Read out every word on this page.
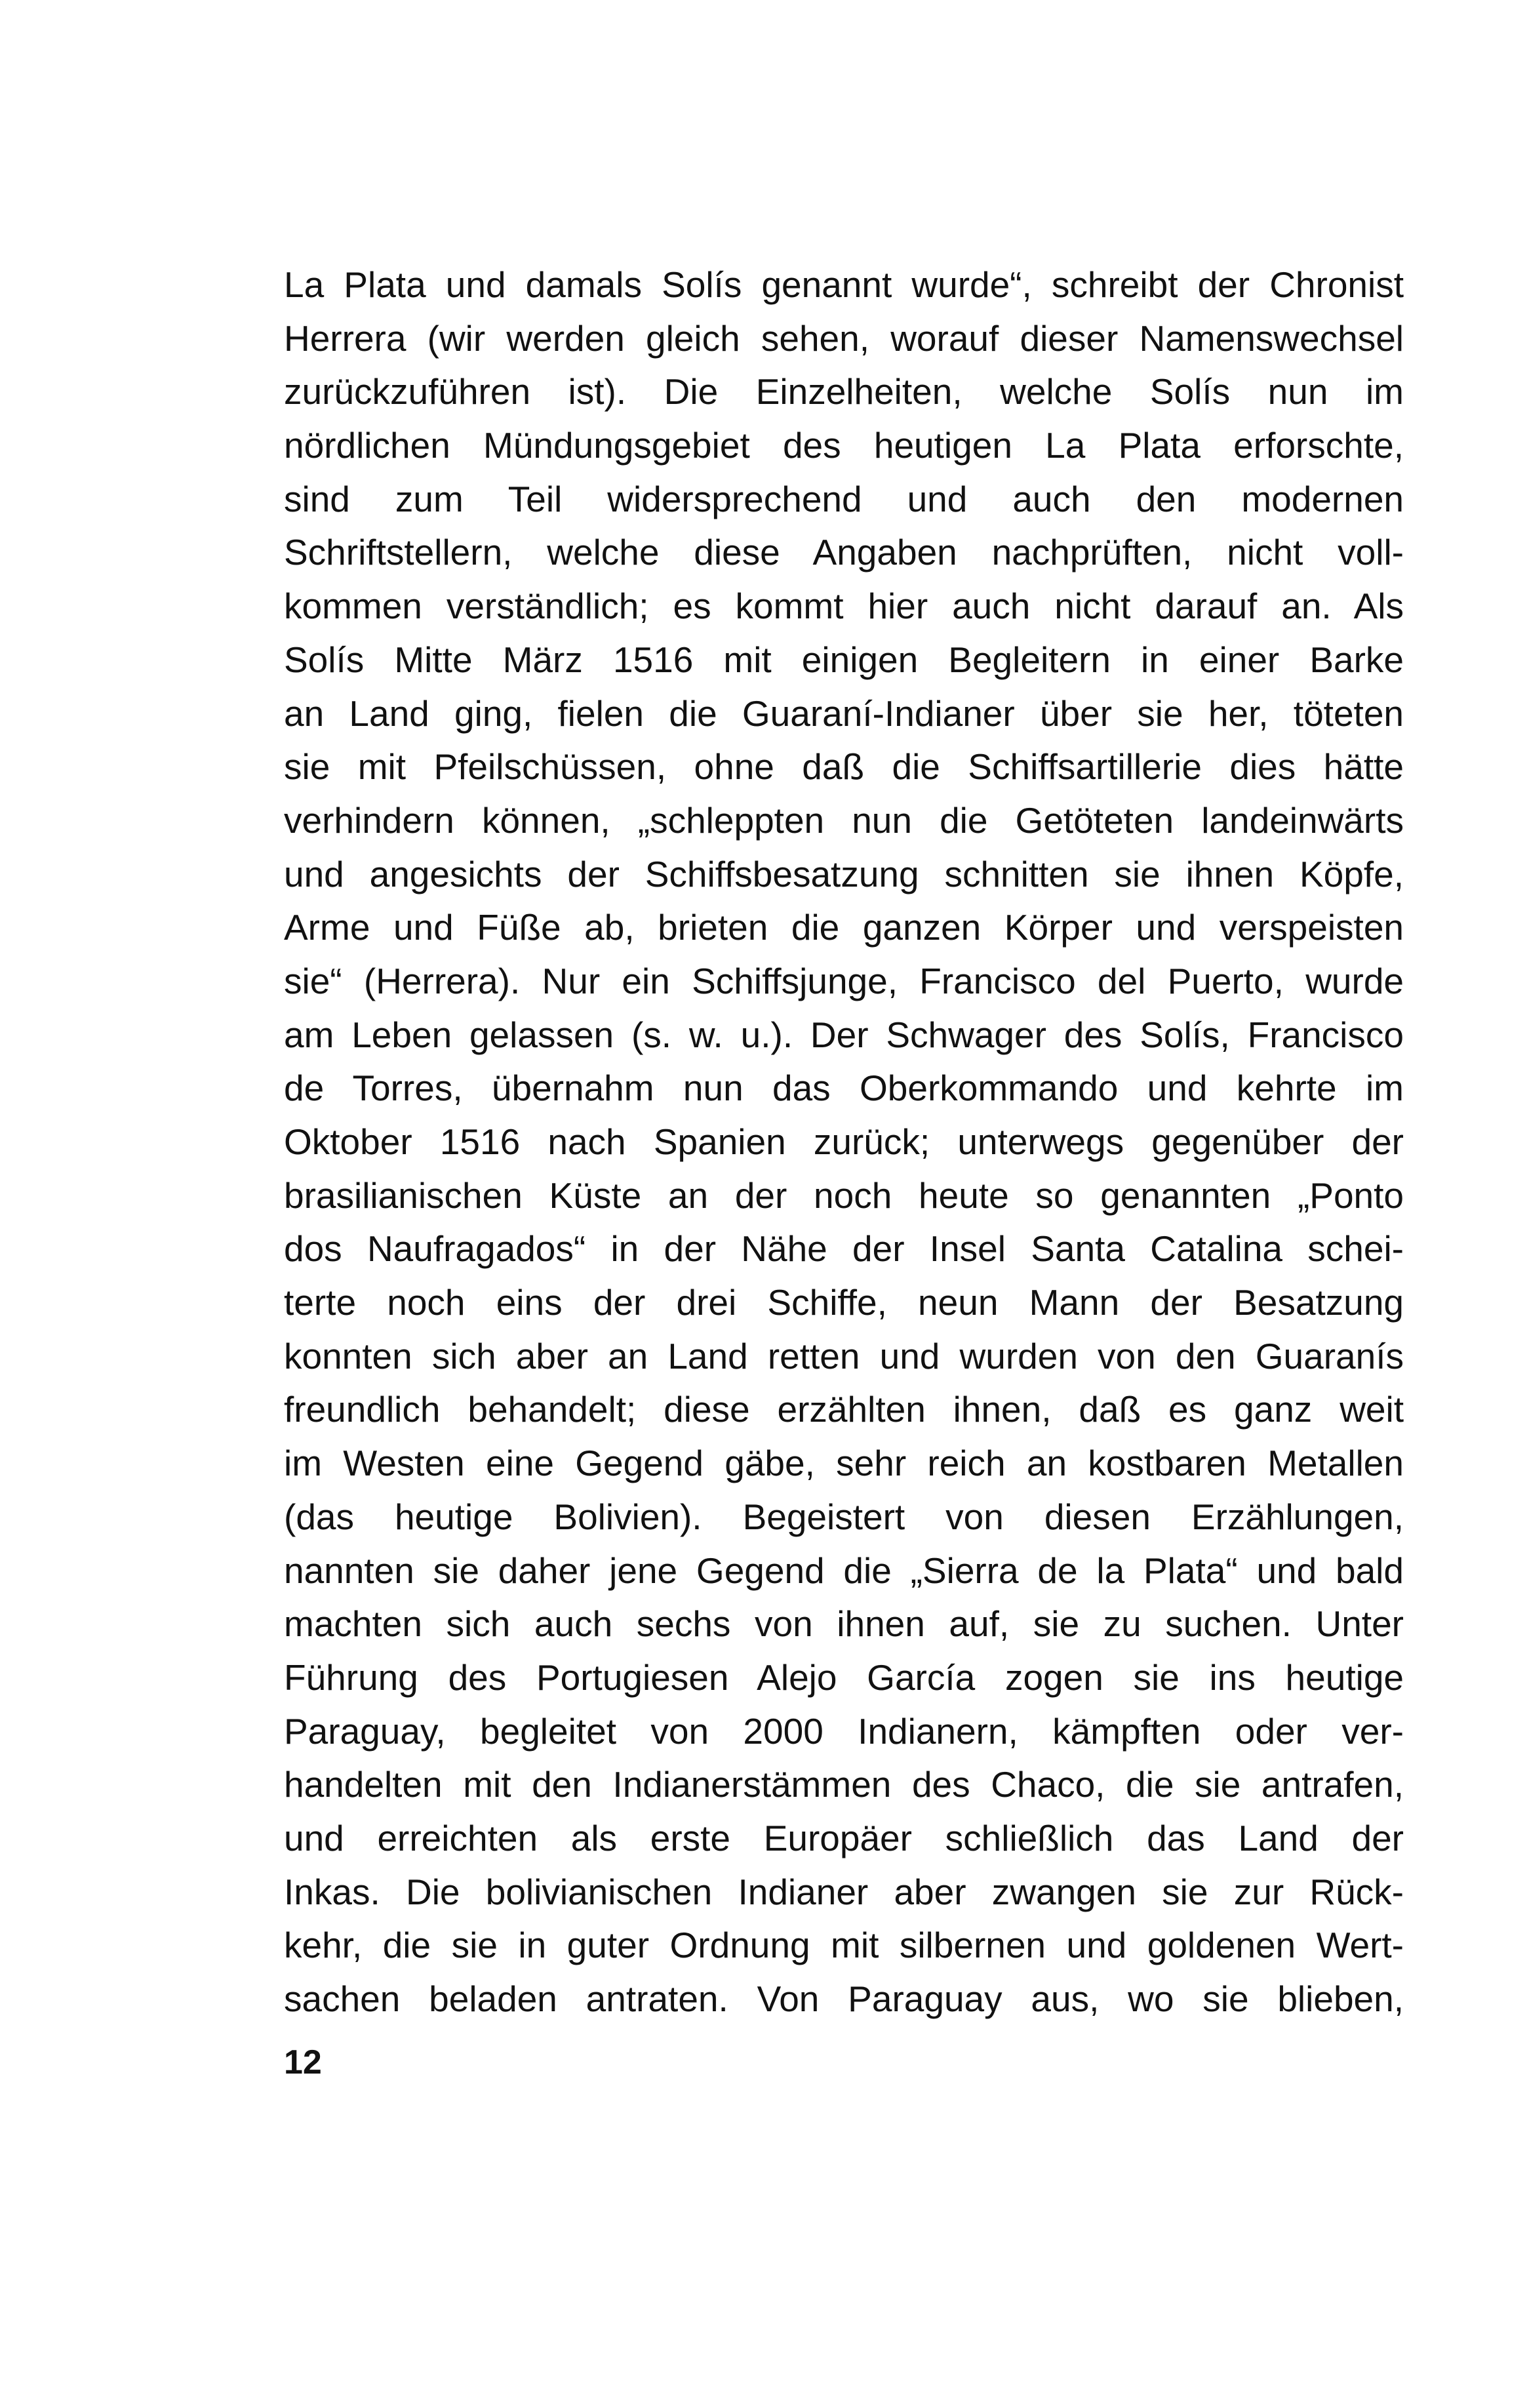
La Plata und damals Solís genannt wurde“, schreibt der Chronist
Herrera (wir werden gleich sehen, worauf dieser Namenswechsel
zurückzuführen ist). Die Einzelheiten, welche Solís nun im
nördlichen Mündungsgebiet des heutigen La Plata erforschte,
sind zum Teil widersprechend und auch den modernen
Schriftstellern, welche diese Angaben nachprüften, nicht voll-
kommen verständlich; es kommt hier auch nicht darauf an. Als
Solís Mitte März 1516 mit einigen Begleitern in einer Barke
an Land ging, fielen die Guaraní-Indianer über sie her, töteten
sie mit Pfeilschüssen, ohne daß die Schiffsartillerie dies hätte
verhindern können, „schleppten nun die Getöteten landeinwärts
und angesichts der Schiffsbesatzung schnitten sie ihnen Köpfe,
Arme und Füße ab, brieten die ganzen Körper und verspeisten
sie“ (Herrera). Nur ein Schiffsjunge, Francisco del Puerto, wurde
am Leben gelassen (s. w. u.). Der Schwager des Solís, Francisco
de Torres, übernahm nun das Oberkommando und kehrte im
Oktober 1516 nach Spanien zurück; unterwegs gegenüber der
brasilianischen Küste an der noch heute so genannten „Ponto
dos Naufragados“ in der Nähe der Insel Santa Catalina schei-
terte noch eins der drei Schiffe, neun Mann der Besatzung
konnten sich aber an Land retten und wurden von den Guaranís
freundlich behandelt; diese erzählten ihnen, daß es ganz weit
im Westen eine Gegend gäbe, sehr reich an kostbaren Metallen
(das heutige Bolivien). Begeistert von diesen Erzählungen,
nannten sie daher jene Gegend die „Sierra de la Plata“ und bald
machten sich auch sechs von ihnen auf, sie zu suchen. Unter
Führung des Portugiesen Alejo García zogen sie ins heutige
Paraguay, begleitet von 2000 Indianern, kämpften oder ver-
handelten mit den Indianerstämmen des Chaco, die sie antrafen,
und erreichten als erste Europäer schließlich das Land der
Inkas. Die bolivianischen Indianer aber zwangen sie zur Rück-
kehr, die sie in guter Ordnung mit silbernen und goldenen Wert-
sachen beladen antraten. Von Paraguay aus, wo sie blieben,
12
